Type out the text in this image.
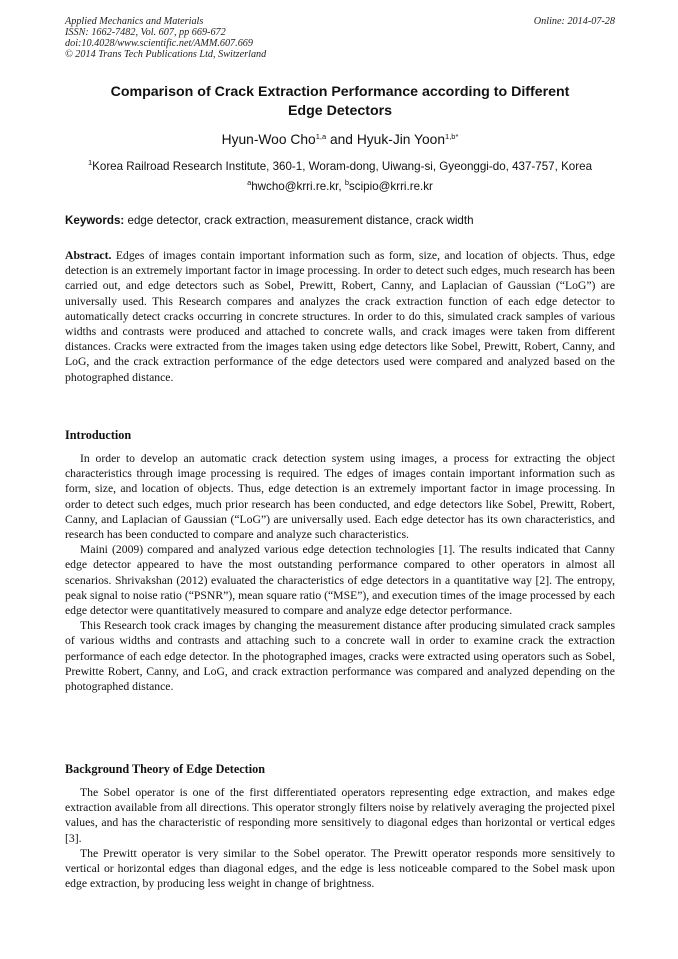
Applied Mechanics and Materials
ISSN: 1662-7482, Vol. 607, pp 669-672
doi:10.4028/www.scientific.net/AMM.607.669
© 2014 Trans Tech Publications Ltd, Switzerland
Online: 2014-07-28
Comparison of Crack Extraction Performance according to Different
Edge Detectors
Hyun-Woo Cho$^{1,a}$ and Hyuk-Jin Yoon$^{1,b*}$
$^1$Korea Railroad Research Institute, 360-1, Woram-dong, Uiwang-si, Gyeonggi-do, 437-757, Korea
$^a$hwcho@krri.re.kr, $^b$scipio@krri.re.kr
Keywords: edge detector, crack extraction, measurement distance, crack width
Abstract. Edges of images contain important information such as form, size, and location of objects. Thus, edge detection is an extremely important factor in image processing. In order to detect such edges, much research has been carried out, and edge detectors such as Sobel, Prewitt, Robert, Canny, and Laplacian of Gaussian (“LoG”) are universally used. This Research compares and analyzes the crack extraction function of each edge detector to automatically detect cracks occurring in concrete structures. In order to do this, simulated crack samples of various widths and contrasts were produced and attached to concrete walls, and crack images were taken from different distances. Cracks were extracted from the images taken using edge detectors like Sobel, Prewitt, Robert, Canny, and LoG, and the crack extraction performance of the edge detectors used were compared and analyzed based on the photographed distance.
Introduction

In order to develop an automatic crack detection system using images, a process for extracting the object characteristics through image processing is required. The edges of images contain important information such as form, size, and location of objects. Thus, edge detection is an extremely important factor in image processing. In order to detect such edges, much prior research has been conducted, and edge detectors like Sobel, Prewitt, Robert, Canny, and Laplacian of Gaussian (“LoG”) are universally used. Each edge detector has its own characteristics, and research has been conducted to compare and analyze such characteristics.

Maini (2009) compared and analyzed various edge detection technologies [1]. The results indicated that Canny edge detector appeared to have the most outstanding performance compared to other operators in almost all scenarios. Shrivakshan (2012) evaluated the characteristics of edge detectors in a quantitative way [2]. The entropy, peak signal to noise ratio (“PSNR”), mean square ratio (“MSE”), and execution times of the image processed by each edge detector were quantitatively measured to compare and analyze edge detector performance.

This Research took crack images by changing the measurement distance after producing simulated crack samples of various widths and contrasts and attaching such to a concrete wall in order to examine crack the extraction performance of each edge detector. In the photographed images, cracks were extracted using operators such as Sobel, Prewitte Robert, Canny, and LoG, and crack extraction performance was compared and analyzed depending on the photographed distance.

Background Theory of Edge Detection

The Sobel operator is one of the first differentiated operators representing edge extraction, and makes edge extraction available from all directions. This operator strongly filters noise by relatively averaging the projected pixel values, and has the characteristic of responding more sensitively to diagonal edges than horizontal or vertical edges [3].

The Prewitt operator is very similar to the Sobel operator. The Prewitt operator responds more sensitively to vertical or horizontal edges than diagonal edges, and the edge is less noticeable compared to the Sobel mask upon edge extraction, by producing less weight in change of brightness.
